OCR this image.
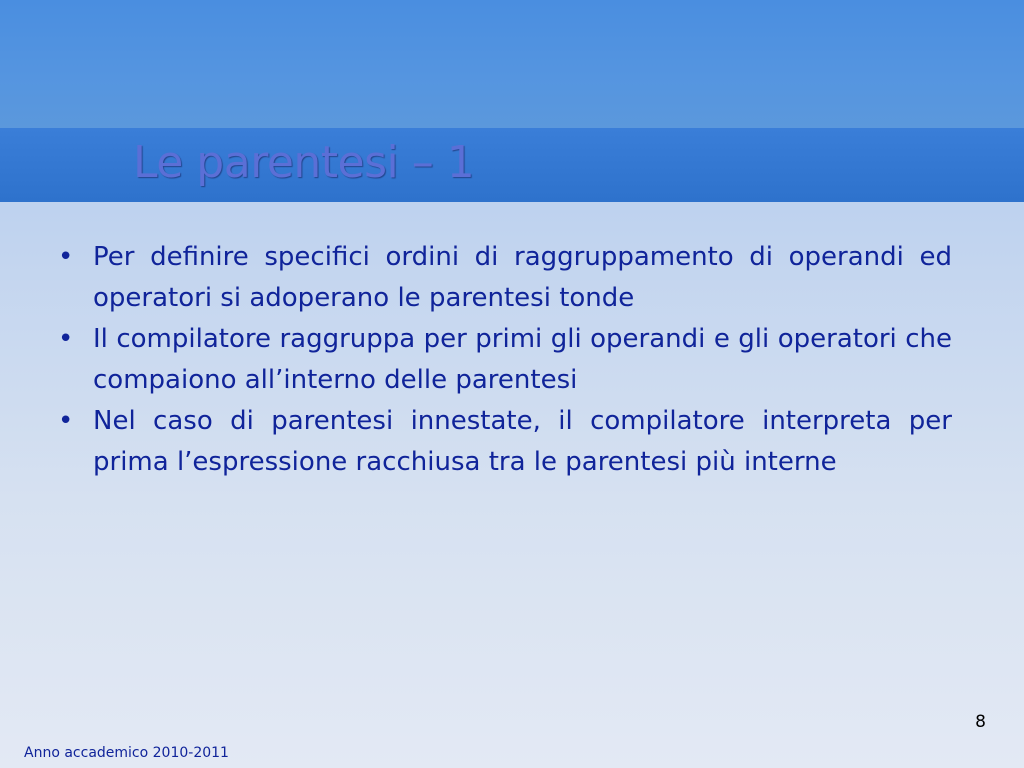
Le parentesi – 1
• Per definire specifici ordini di raggruppamento di operandi ed operatori si adoperano le parentesi tonde
• Il compilatore raggruppa per primi gli operandi e gli operatori che compaiono all’interno delle parentesi
• Nel caso di parentesi innestate, il compilatore interpreta per prima l’espressione racchiusa tra le parentesi più interne
8
Anno accademico 2010-2011
